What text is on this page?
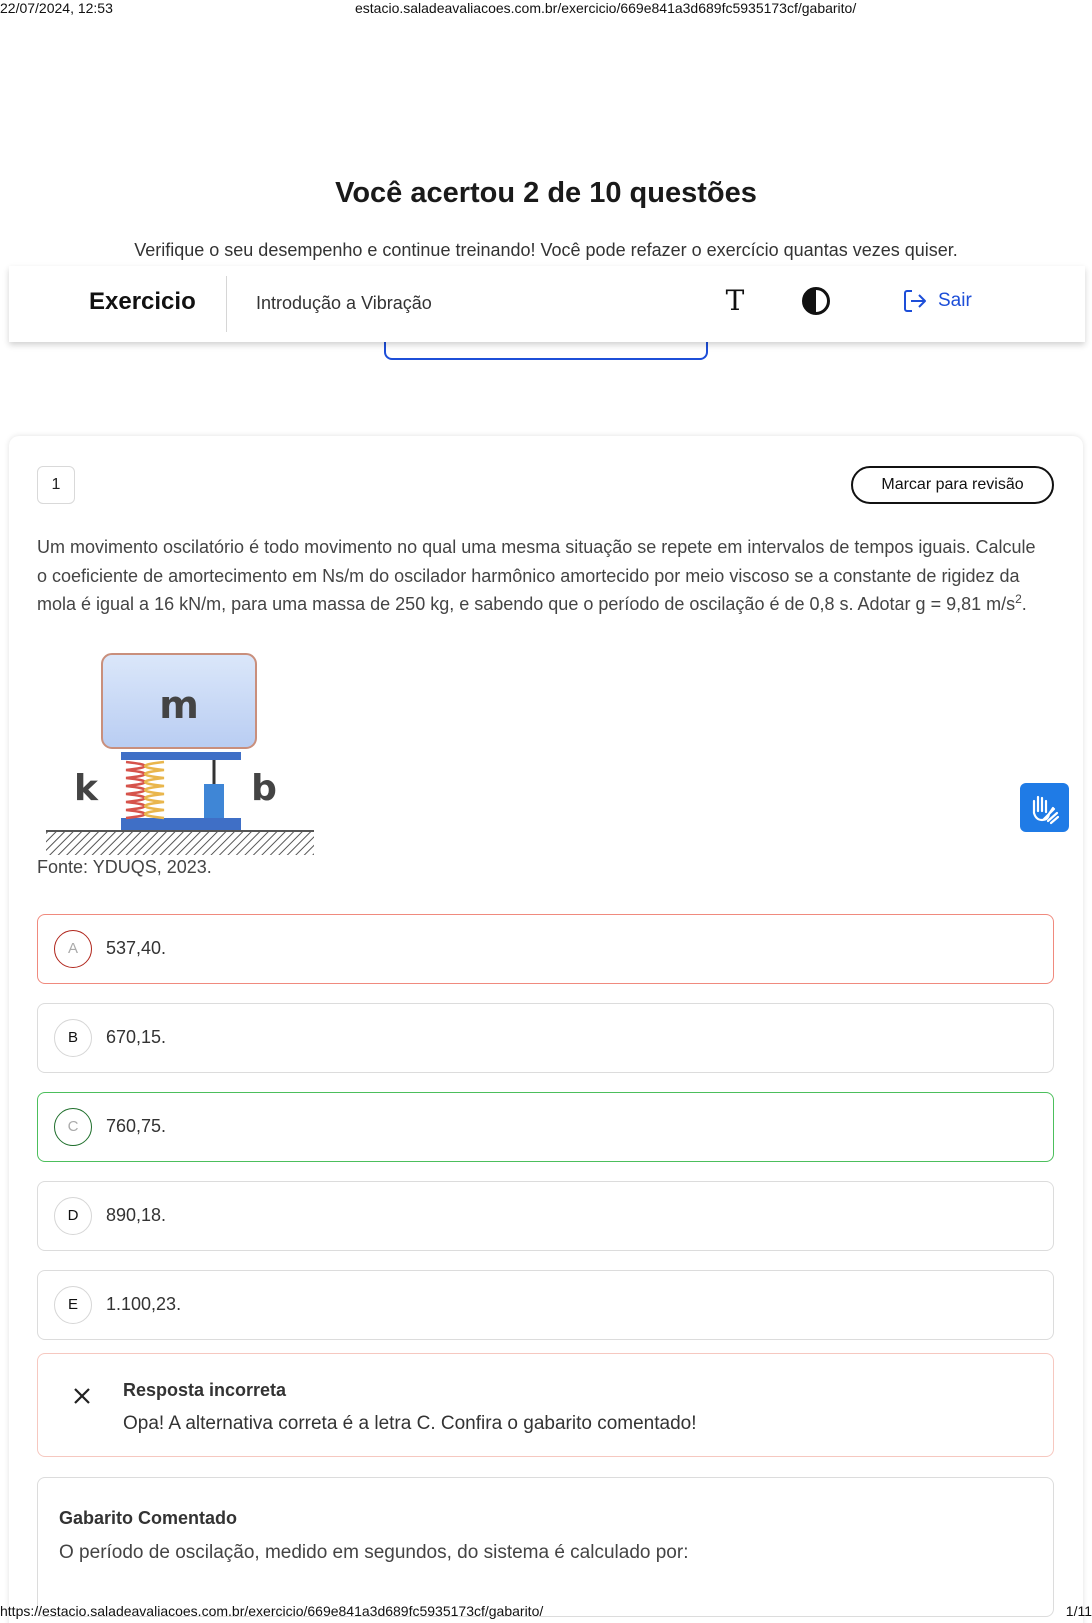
22/07/2024, 12:53	estacio.saladeavaliacoes.com.br/exercicio/669e841a3d689fc5935173cf/gabarito/
Você acertou 2 de 10 questões
Verifique o seu desempenho e continue treinando! Você pode refazer o exercício quantas vezes quiser.
Exercicio	Introdução a Vibração	T	Sair
1	Marcar para revisão
Um movimento oscilatório é todo movimento no qual uma mesma situação se repete em intervalos de tempos iguais. Calcule o coeficiente de amortecimento em Ns/m do oscilador harmônico amortecido por meio viscoso se a constante de rigidez da mola é igual a 16 kN/m, para uma massa de 250 kg, e sabendo que o período de oscilação é de 0,8 s. Adotar g = 9,81 $m/s^2$.
m
k	b
Fonte: YDUQS, 2023.
A	537,40.
B	670,15.
C	760,75.
D	890,18.
E	1.100,23.
Resposta incorreta
Opa! A alternativa correta é a letra C. Confira o gabarito comentado!
Gabarito Comentado
O período de oscilação, medido em segundos, do sistema é calculado por:
https://estacio.saladeavaliacoes.com.br/exercicio/669e841a3d689fc5935173cf/gabarito/	1/11
